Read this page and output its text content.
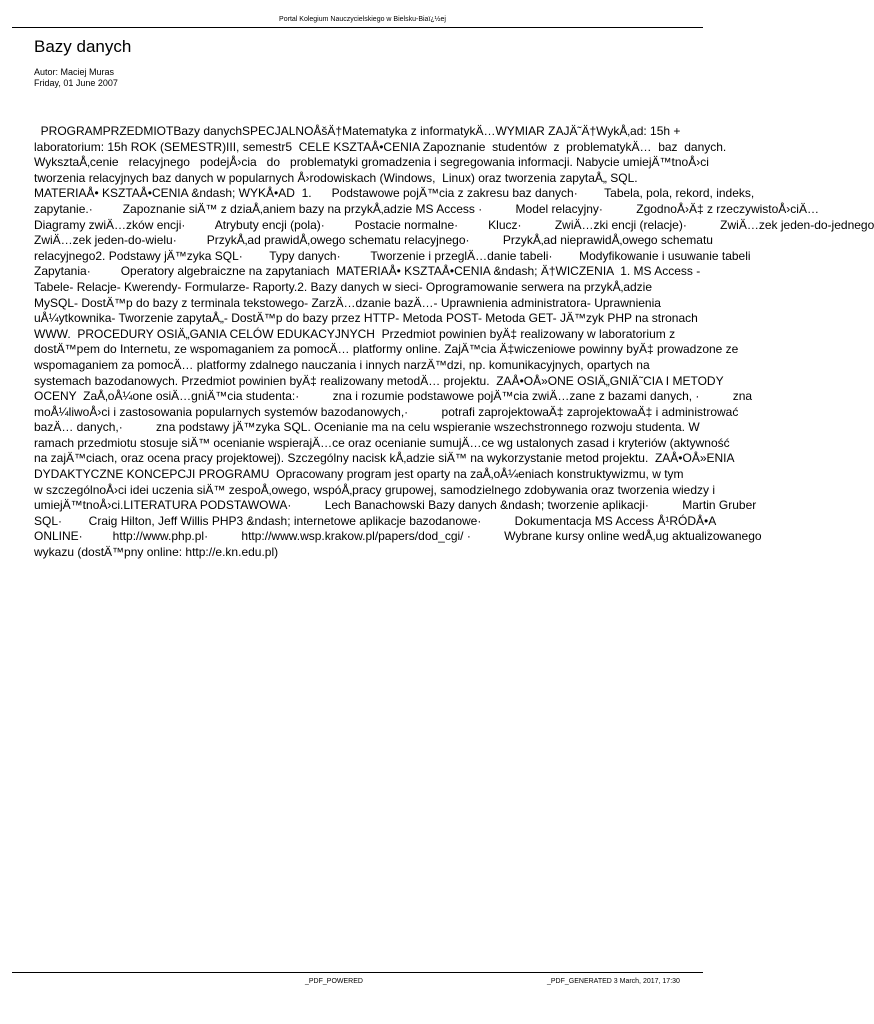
Portal Kolegium Nauczycielskiego w Bielsku-Biaï¿½ej
Bazy danych
Autor: Maciej Muras
Friday, 01 June 2007
PROGRAMPRZEDMIOTBazy danychSPECJALNOÅšÄ†Matematyka z informatykÄ…WYMIAR ZAJÄ˜Ä†WykÅ‚ad: 15h +
laboratorium: 15h ROK (SEMESTR)III, semestr5  CELE KSZTAÅ•CENIA Zapoznanie  studentów  z  problematykÄ…  baz  danych.
WyksztaÅ‚cenie   relacyjnego   podejÅ›cia   do   problematyki gromadzenia i segregowania informacji. Nabycie umiejÄ™tnoÅ›ci
tworzenia relacyjnych baz danych w popularnych Å›rodowiskach (Windows,  Linux) oraz tworzenia zapytaÅ„ SQL.
MATERIAÅ• KSZTAÅ•CENIA &ndash; WYKÅ•AD  1.      Podstawowe pojÄ™cia z zakresu baz danych·        Tabela, pola, rekord, indeks,
zapytanie.·         Zapoznanie siÄ™ z dziaÅ‚aniem bazy na przykÅ‚adzie MS Access ·          Model relacyjny·          ZgodnoÅ›Ä‡ z rzeczywistoÅ›ciÄ…
Diagramy zwiÄ…zków encji·         Atrybuty encji (pola)·         Postacie normalne·         Klucz·          ZwiÄ…zki encji (relacje)·          ZwiÄ…zek jeden-do-jednego
ZwiÄ…zek jeden-do-wielu·         PrzykÅ‚ad prawidÅ‚owego schematu relacyjnego·          PrzykÅ‚ad nieprawidÅ‚owego schematu
relacyjnego2. Podstawy jÄ™zyka SQL·        Typy danych·         Tworzenie i przeglÄ…danie tabeli·        Modyfikowanie i usuwanie tabeli
Zapytania·         Operatory algebraiczne na zapytaniach  MATERIAÅ• KSZTAÅ•CENIA &ndash; Ä†WICZENIA  1. MS Access -
Tabele- Relacje- Kwerendy- Formularze- Raporty.2. Bazy danych w sieci- Oprogramowanie serwera na przykÅ‚adzie
MySQL- DostÄ™p do bazy z terminala tekstowego- ZarzÄ…dzanie bazÄ…- Uprawnienia administratora- Uprawnienia
uÅ¼ytkownika- Tworzenie zapytaÅ„- DostÄ™p do bazy przez HTTP- Metoda POST- Metoda GET- JÄ™zyk PHP na stronach
WWW.  PROCEDURY OSIÄ„GANIA CELÓW EDUKACYJNYCH  Przedmiot powinien byÄ‡ realizowany w laboratorium z
dostÄ™pem do Internetu, ze wspomaganiem za pomocÄ… platformy online. ZajÄ™cia Ä‡wiczeniowe powinny byÄ‡ prowadzone ze
wspomaganiem za pomocÄ… platformy zdalnego nauczania i innych narzÄ™dzi, np. komunikacyjnych, opartych na
systemach bazodanowych. Przedmiot powinien byÄ‡ realizowany metodÄ… projektu.  ZAÅ•OÅ»ONE OSIÄ„GNIÄ˜CIA I METODY
OCENY  ZaÅ‚oÅ¼one osiÄ…gniÄ™cia studenta:·          zna i rozumie podstawowe pojÄ™cia zwiÄ…zane z bazami danych, ·          zna
moÅ¼liwoÅ›ci i zastosowania popularnych systemów bazodanowych,·          potrafi zaprojektowaÄ‡ zaprojektowaÄ‡ i administrować
bazÄ… danych,·          zna podstawy jÄ™zyka SQL. Ocenianie ma na celu wspieranie wszechstronnego rozwoju studenta. W
ramach przedmiotu stosuje siÄ™ ocenianie wspierajÄ…ce oraz ocenianie sumujÄ…ce wg ustalonych zasad i kryteriów (aktywność
na zajÄ™ciach, oraz ocena pracy projektowej). Szczególny nacisk kÅ‚adzie siÄ™ na wykorzystanie metod projektu.  ZAÅ•OÅ»ENIA
DYDAKTYCZNE KONCEPCJI PROGRAMU  Opracowany program jest oparty na zaÅ‚oÅ¼eniach konstruktywizmu, w tym
w szczególnoÅ›ci idei uczenia siÄ™ zespoÅ‚owego, wspóÅ‚pracy grupowej, samodzielnego zdobywania oraz tworzenia wiedzy i
umiejÄ™tnoÅ›ci.LITERATURA PODSTAWOWA·          Lech Banachowski Bazy danych &ndash; tworzenie aplikacji·          Martin Gruber
SQL·        Craig Hilton, Jeff Willis PHP3 &ndash; internetowe aplikacje bazodanowe·          Dokumentacja MS Access Å¹RÓDÅ•A
ONLINE·         http://www.php.pl·          http://www.wsp.krakow.pl/papers/dod_cgi/ ·          Wybrane kursy online wedÅ‚ug aktualizowanego
wykazu (dostÄ™pny online: http://e.kn.edu.pl)
_PDF_POWERED	_PDF_GENERATED 3 March, 2017, 17:30
